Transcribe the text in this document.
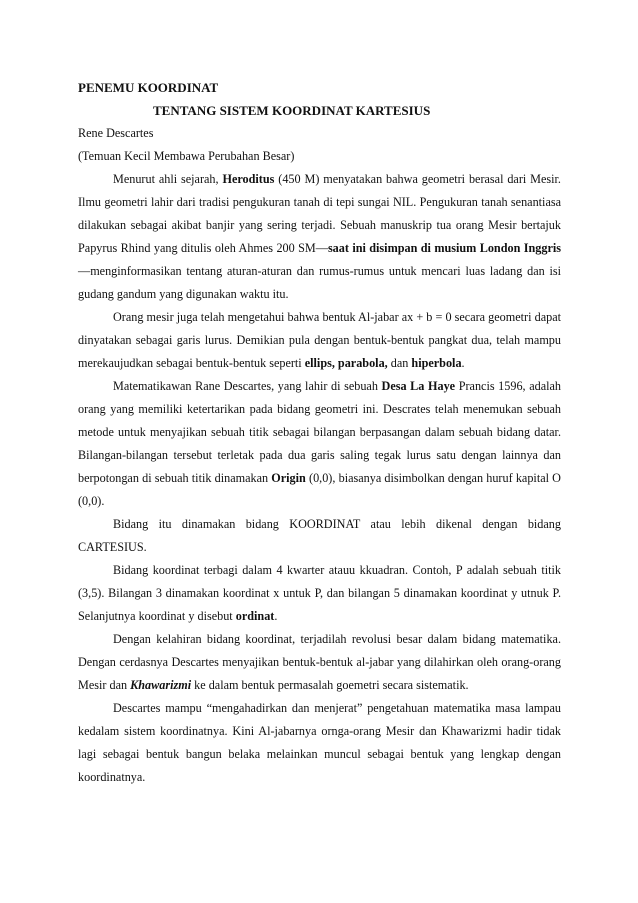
PENEMU KOORDINAT

TENTANG SISTEM KOORDINAT KARTESIUS

Rene Descartes

(Temuan Kecil Membawa Perubahan Besar)

Menurut ahli sejarah, Heroditus (450 M) menyatakan bahwa geometri berasal dari Mesir. Ilmu geometri lahir dari tradisi pengukuran tanah di tepi sungai NIL. Pengukuran tanah senantiasa dilakukan sebagai akibat banjir yang sering terjadi. Sebuah manuskrip tua orang Mesir bertajuk Papyrus Rhind yang ditulis oleh Ahmes 200 SM—saat ini disimpan di musium London Inggris—menginformasikan tentang aturan-aturan dan rumus-rumus untuk mencari luas ladang dan isi gudang gandum yang digunakan waktu itu.

Orang mesir juga telah mengetahui bahwa bentuk Al-jabar ax + b = 0 secara geometri dapat dinyatakan sebagai garis lurus. Demikian pula dengan bentuk-bentuk pangkat dua, telah mampu merekaujudkan sebagai bentuk-bentuk seperti ellips, parabola, dan hiperbola.

Matematikawan Rane Descartes, yang lahir di sebuah Desa La Haye Prancis 1596, adalah orang yang memiliki ketertarikan pada bidang geometri ini. Descrates telah menemukan sebuah metode untuk menyajikan sebuah titik sebagai bilangan berpasangan dalam sebuah bidang datar. Bilangan-bilangan tersebut terletak pada dua garis saling tegak lurus satu dengan lainnya dan berpotongan di sebuah titik dinamakan Origin (0,0), biasanya disimbolkan dengan huruf kapital O (0,0).

Bidang itu dinamakan bidang KOORDINAT atau lebih dikenal dengan bidang CARTESIUS.

Bidang koordinat terbagi dalam 4 kwarter atauu kkuadran. Contoh, P adalah sebuah titik (3,5). Bilangan 3 dinamakan koordinat x untuk P, dan bilangan 5 dinamakan koordinat y utnuk P. Selanjutnya koordinat y disebut ordinat.

Dengan kelahiran bidang koordinat, terjadilah revolusi besar dalam bidang matematika. Dengan cerdasnya Descartes menyajikan bentuk-bentuk al-jabar yang dilahirkan oleh orang-orang Mesir dan Khawarizmi ke dalam bentuk permasalah goemetri secara sistematik.

Descartes mampu “mengahadirkan dan menjerat” pengetahuan matematika masa lampau kedalam sistem koordinatnya. Kini Al-jabarnya ornga-orang Mesir dan Khawarizmi hadir tidak lagi sebagai bentuk bangun belaka melainkan muncul sebagai bentuk yang lengkap dengan koordinatnya.
